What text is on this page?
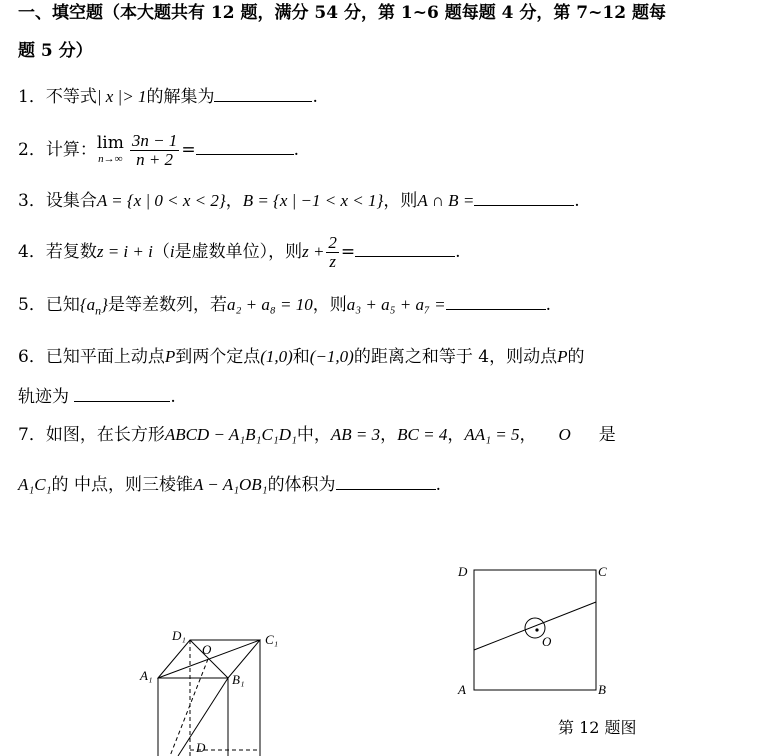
一、填空题（本大题共有 12 题，满分 54 分，第 1~6 题每题 4 分，第 7~12 题每
题 5 分）
1．不等式| x |> 1的解集为	.
2．计算：lim
$n\to\infty \frac{3n - 1}{n + 2}$ =	.
3．设集合A = {x | 0 < x < 2}，B = {x | −1 < x < 1}，则A ∩ B =	.
4．若复数z = i + i（i是虚数单位），则$z + \frac{2}{z}$ =	.
5．已知$\{a_n\}$是等差数列，若a₂ + a₈ = 10，则a₃ + a₅ + a₇ =	.
6．已知平面上动点P到两个定点(1,0)和(−1,0)的距离之和等于 4，则动点P的
轨迹为	.
7．如图，在长方形ABCD − A₁B₁C₁D₁中，AB = 3，BC = 4，AA₁ = 5， O 是
A₁C₁的 中点，则三棱锥A − A₁OB₁的体积为	.
D₁	C₁
O
A₁	B₁
D
D	C
A	B
O
第 12 题图
